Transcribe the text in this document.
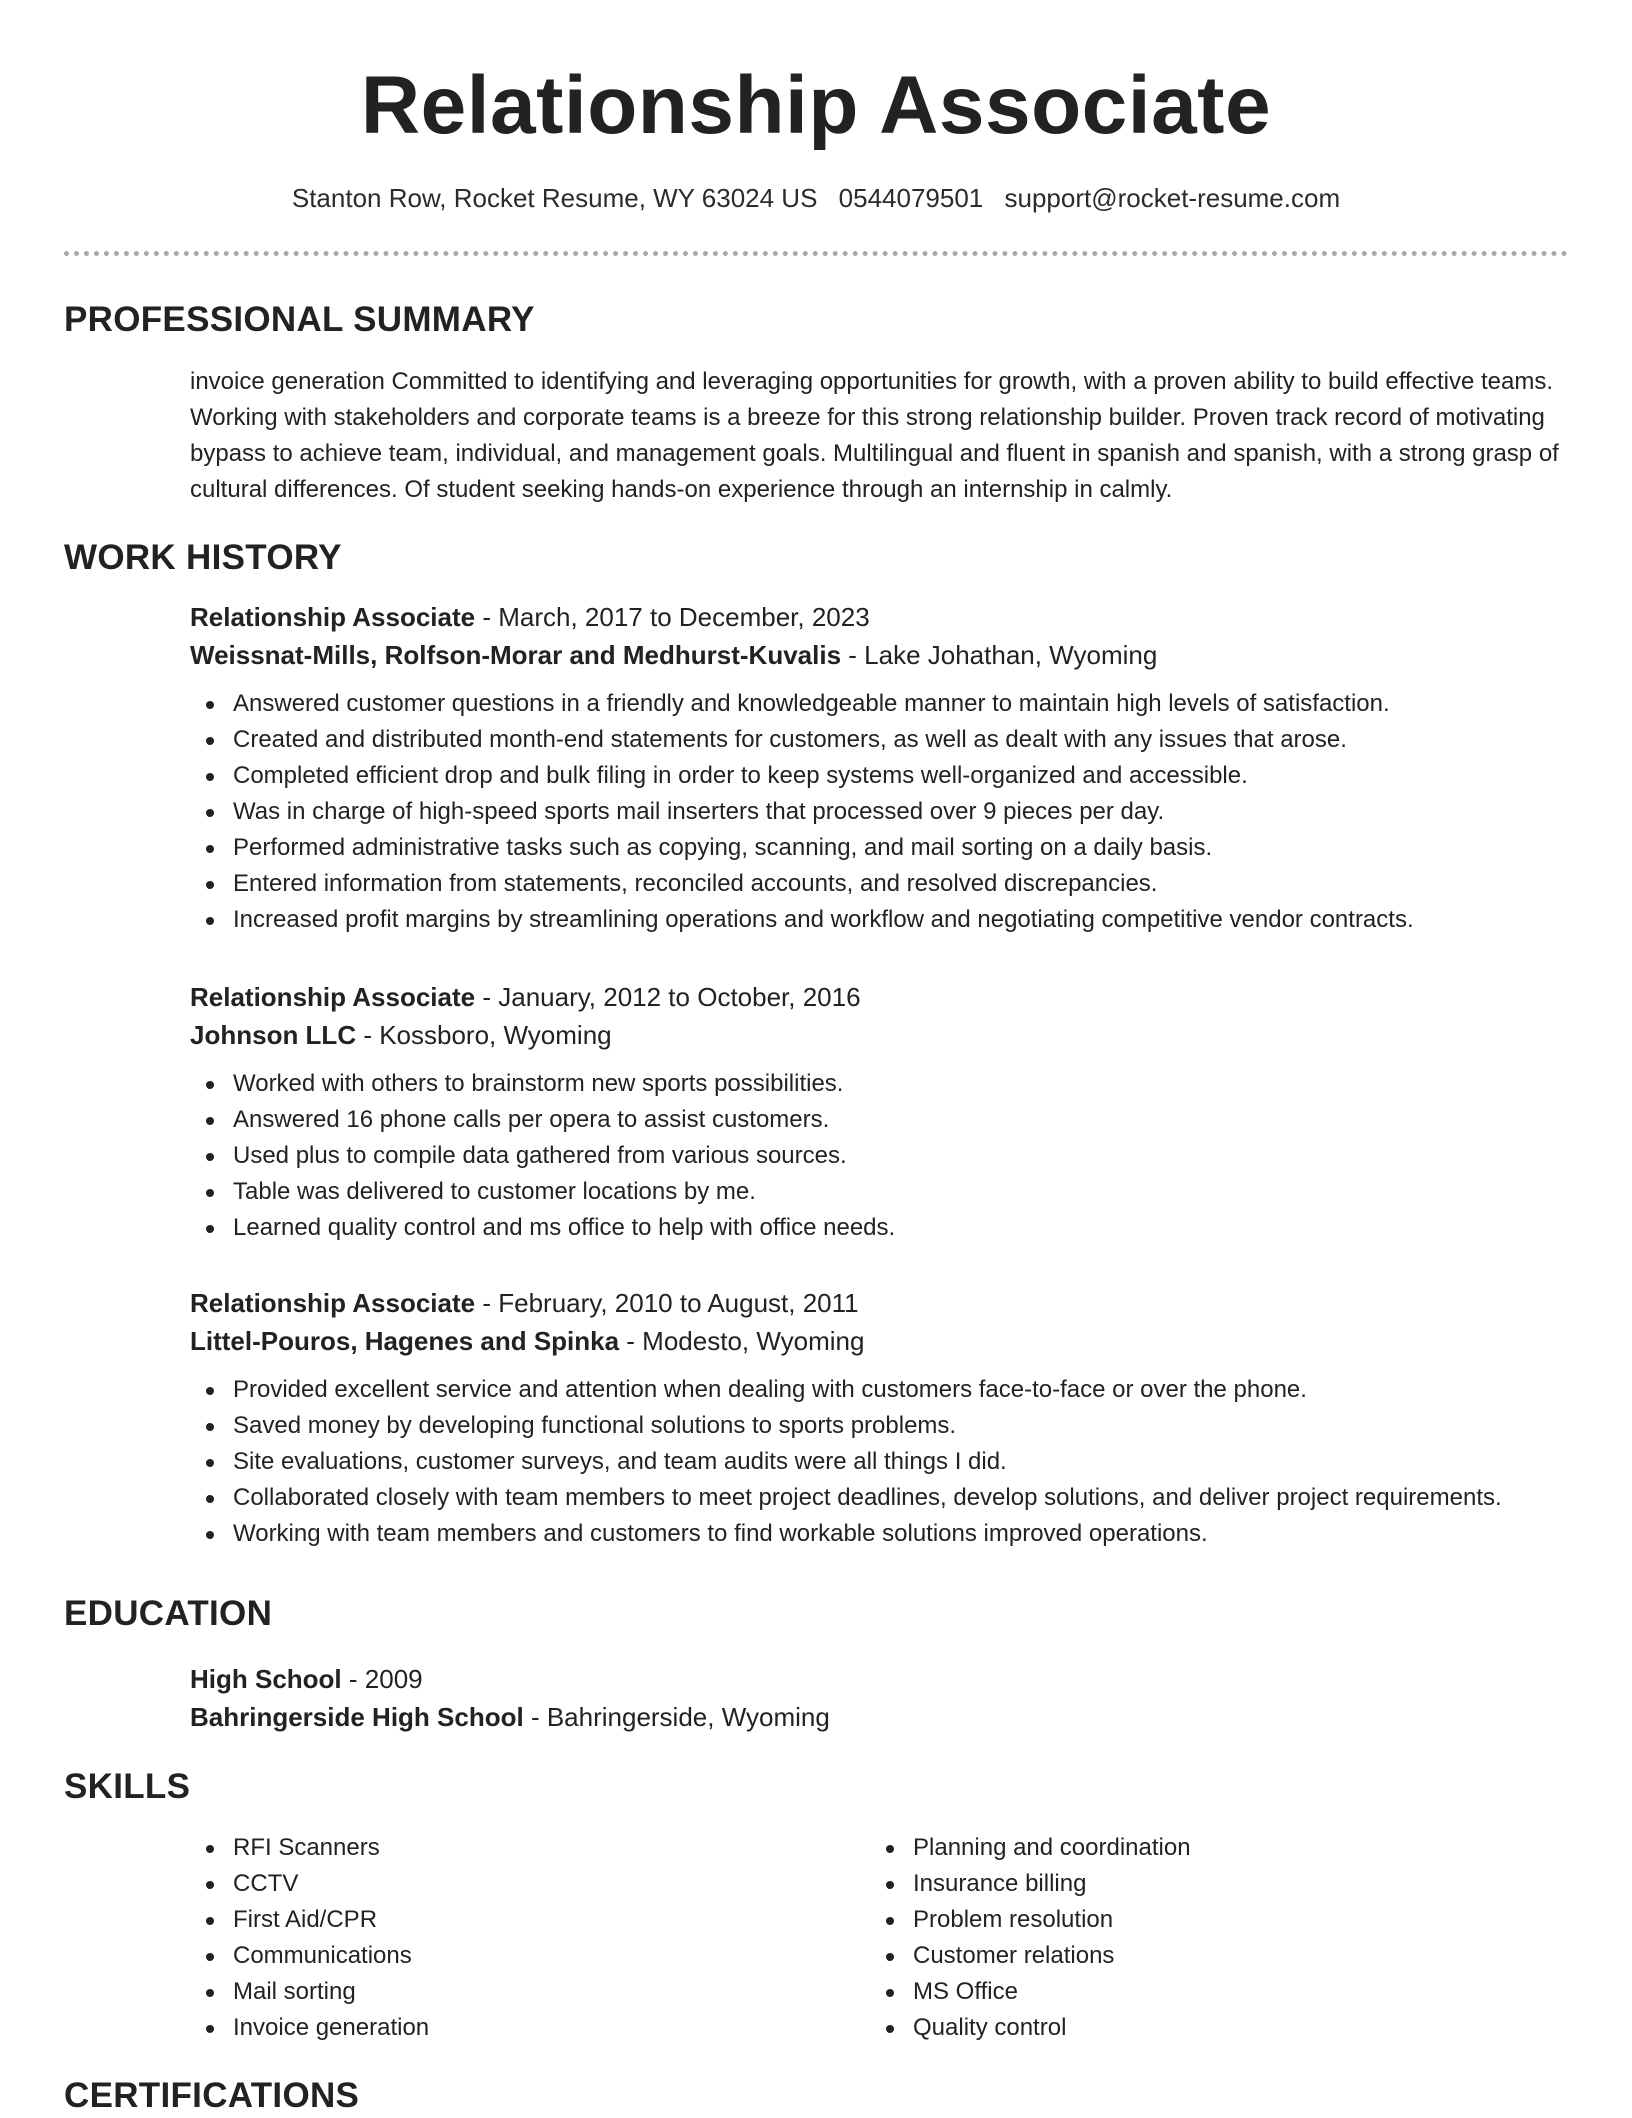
Relationship Associate
Stanton Row, Rocket Resume, WY 63024 US 0544079501 support@rocket-resume.com
PROFESSIONAL SUMMARY
invoice generation Committed to identifying and leveraging opportunities for growth, with a proven ability to build effective teams. Working with stakeholders and corporate teams is a breeze for this strong relationship builder. Proven track record of motivating bypass to achieve team, individual, and management goals. Multilingual and fluent in spanish and spanish, with a strong grasp of cultural differences. Of student seeking hands-on experience through an internship in calmly.
WORK HISTORY
Relationship Associate - March, 2017 to December, 2023
Weissnat-Mills, Rolfson-Morar and Medhurst-Kuvalis - Lake Johathan, Wyoming
Answered customer questions in a friendly and knowledgeable manner to maintain high levels of satisfaction.
Created and distributed month-end statements for customers, as well as dealt with any issues that arose.
Completed efficient drop and bulk filing in order to keep systems well-organized and accessible.
Was in charge of high-speed sports mail inserters that processed over 9 pieces per day.
Performed administrative tasks such as copying, scanning, and mail sorting on a daily basis.
Entered information from statements, reconciled accounts, and resolved discrepancies.
Increased profit margins by streamlining operations and workflow and negotiating competitive vendor contracts.
Relationship Associate - January, 2012 to October, 2016
Johnson LLC - Kossboro, Wyoming
Worked with others to brainstorm new sports possibilities.
Answered 16 phone calls per opera to assist customers.
Used plus to compile data gathered from various sources.
Table was delivered to customer locations by me.
Learned quality control and ms office to help with office needs.
Relationship Associate - February, 2010 to August, 2011
Littel-Pouros, Hagenes and Spinka - Modesto, Wyoming
Provided excellent service and attention when dealing with customers face-to-face or over the phone.
Saved money by developing functional solutions to sports problems.
Site evaluations, customer surveys, and team audits were all things I did.
Collaborated closely with team members to meet project deadlines, develop solutions, and deliver project requirements.
Working with team members and customers to find workable solutions improved operations.
EDUCATION
High School - 2009
Bahringerside High School - Bahringerside, Wyoming
SKILLS
RFI Scanners
CCTV
First Aid/CPR
Communications
Mail sorting
Invoice generation
Planning and coordination
Insurance billing
Problem resolution
Customer relations
MS Office
Quality control
CERTIFICATIONS
